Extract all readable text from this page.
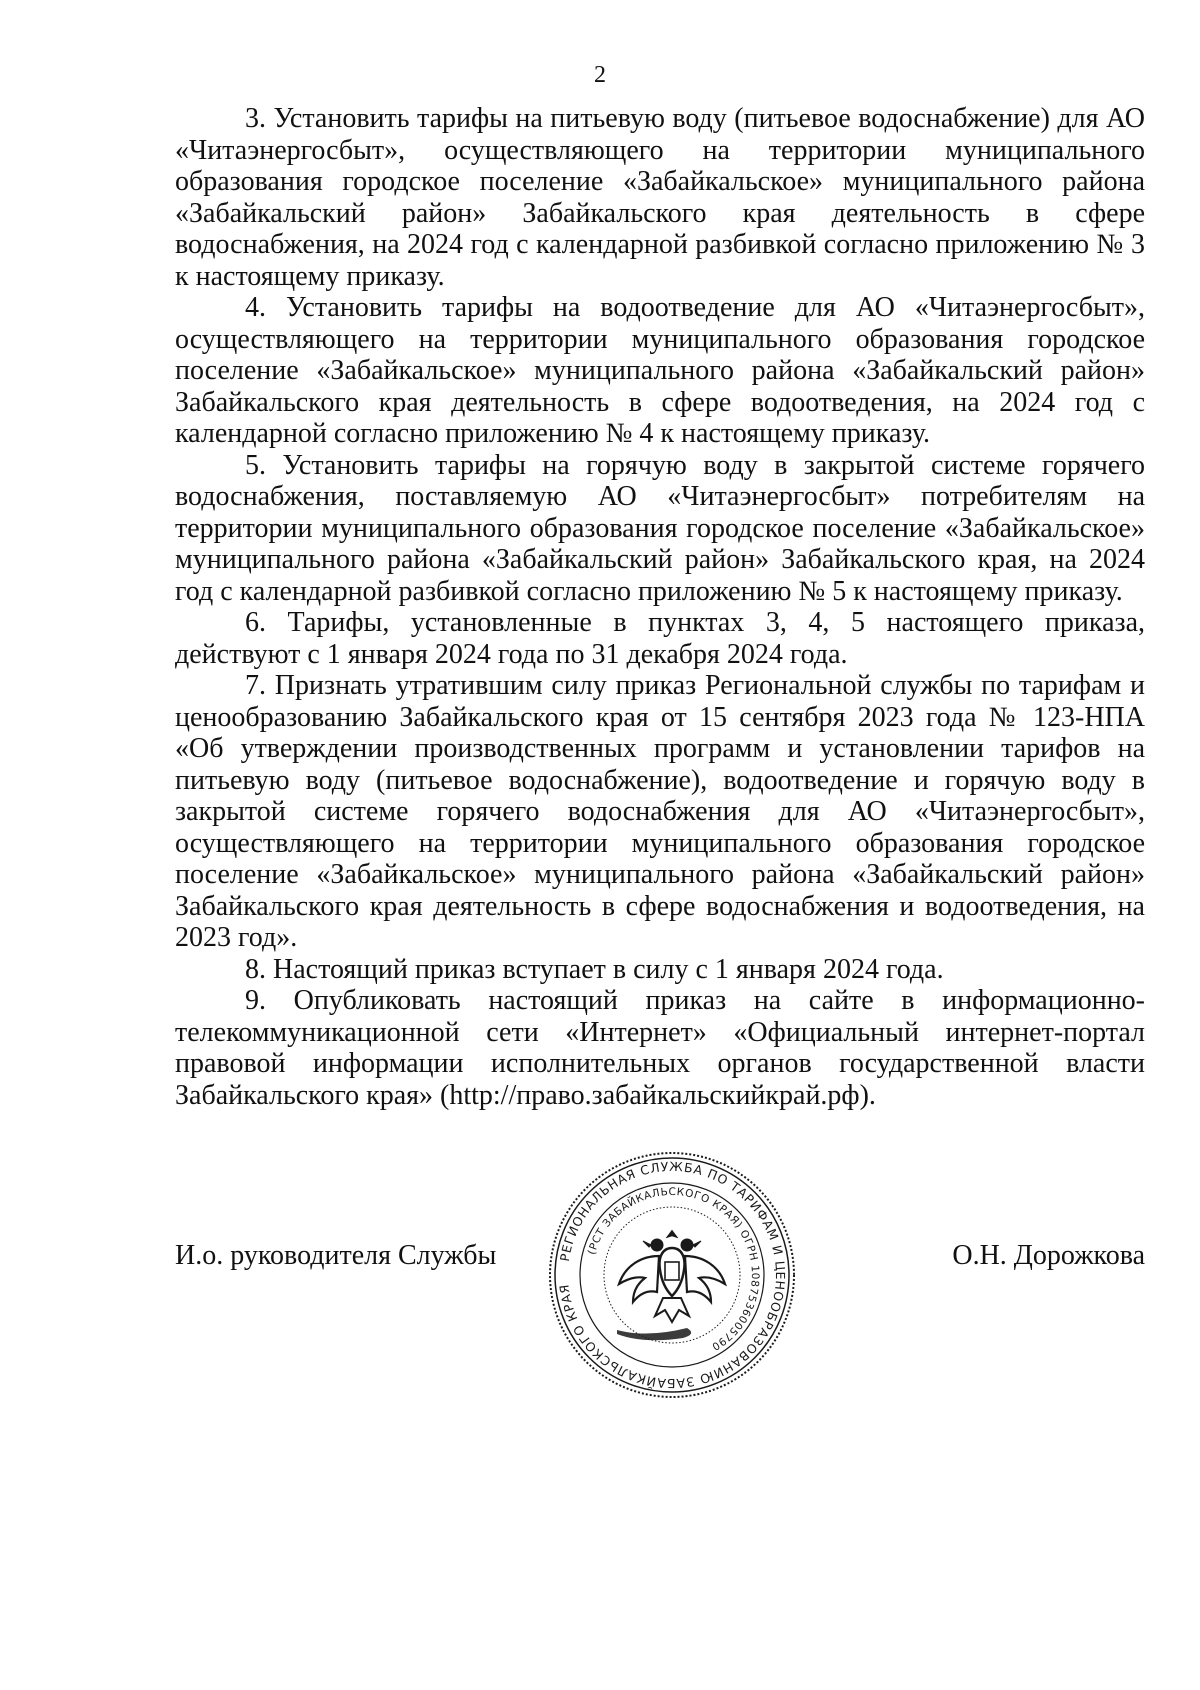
2

3. Установить тарифы на питьевую воду (питьевое водоснабжение) для АО «Читаэнергосбыт», осуществляющего на территории муниципального образования городское поселение «Забайкальское» муниципального района «Забайкальский район» Забайкальского края деятельность в сфере водоснабжения, на 2024 год с календарной разбивкой согласно приложению № 3 к настоящему приказу.

4. Установить тарифы на водоотведение для АО «Читаэнергосбыт», осуществляющего на территории муниципального образования городское поселение «Забайкальское» муниципального района «Забайкальский район» Забайкальского края деятельность в сфере водоотведения, на 2024 год с календарной согласно приложению № 4 к настоящему приказу.

5. Установить тарифы на горячую воду в закрытой системе горячего водоснабжения, поставляемую АО «Читаэнергосбыт» потребителям на территории муниципального образования городское поселение «Забайкальское» муниципального района «Забайкальский район» Забайкальского края, на 2024 год с календарной разбивкой согласно приложению № 5 к настоящему приказу.

6. Тарифы, установленные в пунктах 3, 4, 5 настоящего приказа, действуют с 1 января 2024 года по 31 декабря 2024 года.

7. Признать утратившим силу приказ Региональной службы по тарифам и ценообразованию Забайкальского края от 15 сентября 2023 года № 123-НПА «Об утверждении производственных программ и установлении тарифов на питьевую воду (питьевое водоснабжение), водоотведение и горячую воду в закрытой системе горячего водоснабжения для АО «Читаэнергосбыт», осуществляющего на территории муниципального образования городское поселение «Забайкальское» муниципального района «Забайкальский район» Забайкальского края деятельность в сфере водоснабжения и водоотведения, на 2023 год».

8. Настоящий приказ вступает в силу с 1 января 2024 года.

9. Опубликовать настоящий приказ на сайте в информационно-телекоммуникационной сети «Интернет» «Официальный интернет-портал правовой информации исполнительных органов государственной власти Забайкальского края» (http://право.забайкальскийкрай.рф).

И.о. руководителя Службы	О.Н. Дорожкова
РЕГИОНАЛЬНАЯ СЛУЖБА ПО ТАРИФАМ И ЦЕНООБРАЗОВАНИЮ ЗАБАЙКАЛЬСКОГО КРАЯ
(РСТ ЗАБАЙКАЛЬСКОГО КРАЯ) ОГРН 1087536005790
